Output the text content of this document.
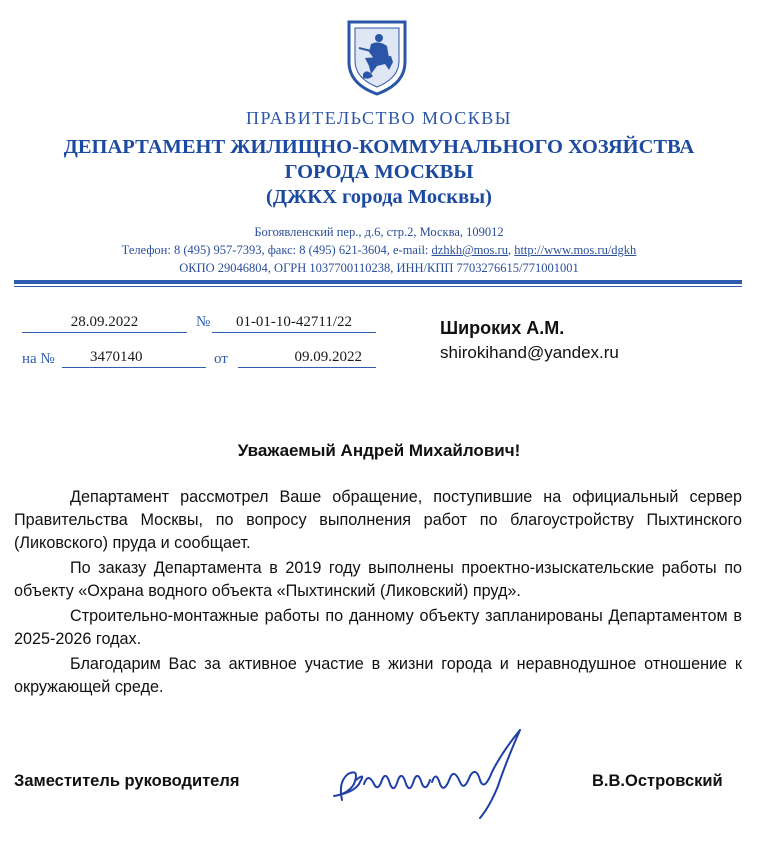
ПРАВИТЕЛЬСТВО МОСКВЫ
ДЕПАРТАМЕНТ ЖИЛИЩНО-КОММУНАЛЬНОГО ХОЗЯЙСТВА
ГОРОДА МОСКВЫ
(ДЖКХ города Москвы)
Богоявленский пер., д.6, стр.2, Москва, 109012
Телефон: 8 (495) 957-7393, факс: 8 (495) 621-3604, e-mail: dzhkh@mos.ru, http://www.mos.ru/dgkh
ОКПО 29046804, ОГРН 1037700110238, ИНН/КПП 7703276615/771001001
28.09.2022	№	01-01-10-42711/22
на №	3470140	от	09.09.2022
Широких А.М.
shirokihand@yandex.ru
Уважаемый Андрей Михайлович!

Департамент рассмотрел Ваше обращение, поступившие на официальный сервер Правительства Москвы, по вопросу выполнения работ по благоустройству Пыхтинского (Ликовского) пруда и сообщает.

По заказу Департамента в 2019 году выполнены проектно-изыскательские работы по объекту «Охрана водного объекта «Пыхтинский (Ликовский) пруд».

Строительно-монтажные работы по данному объекту запланированы Департаментом в 2025-2026 годах.

Благодарим Вас за активное участие в жизни города и неравнодушное отношение к окружающей среде.

Заместитель руководителя	В.В.Островский
